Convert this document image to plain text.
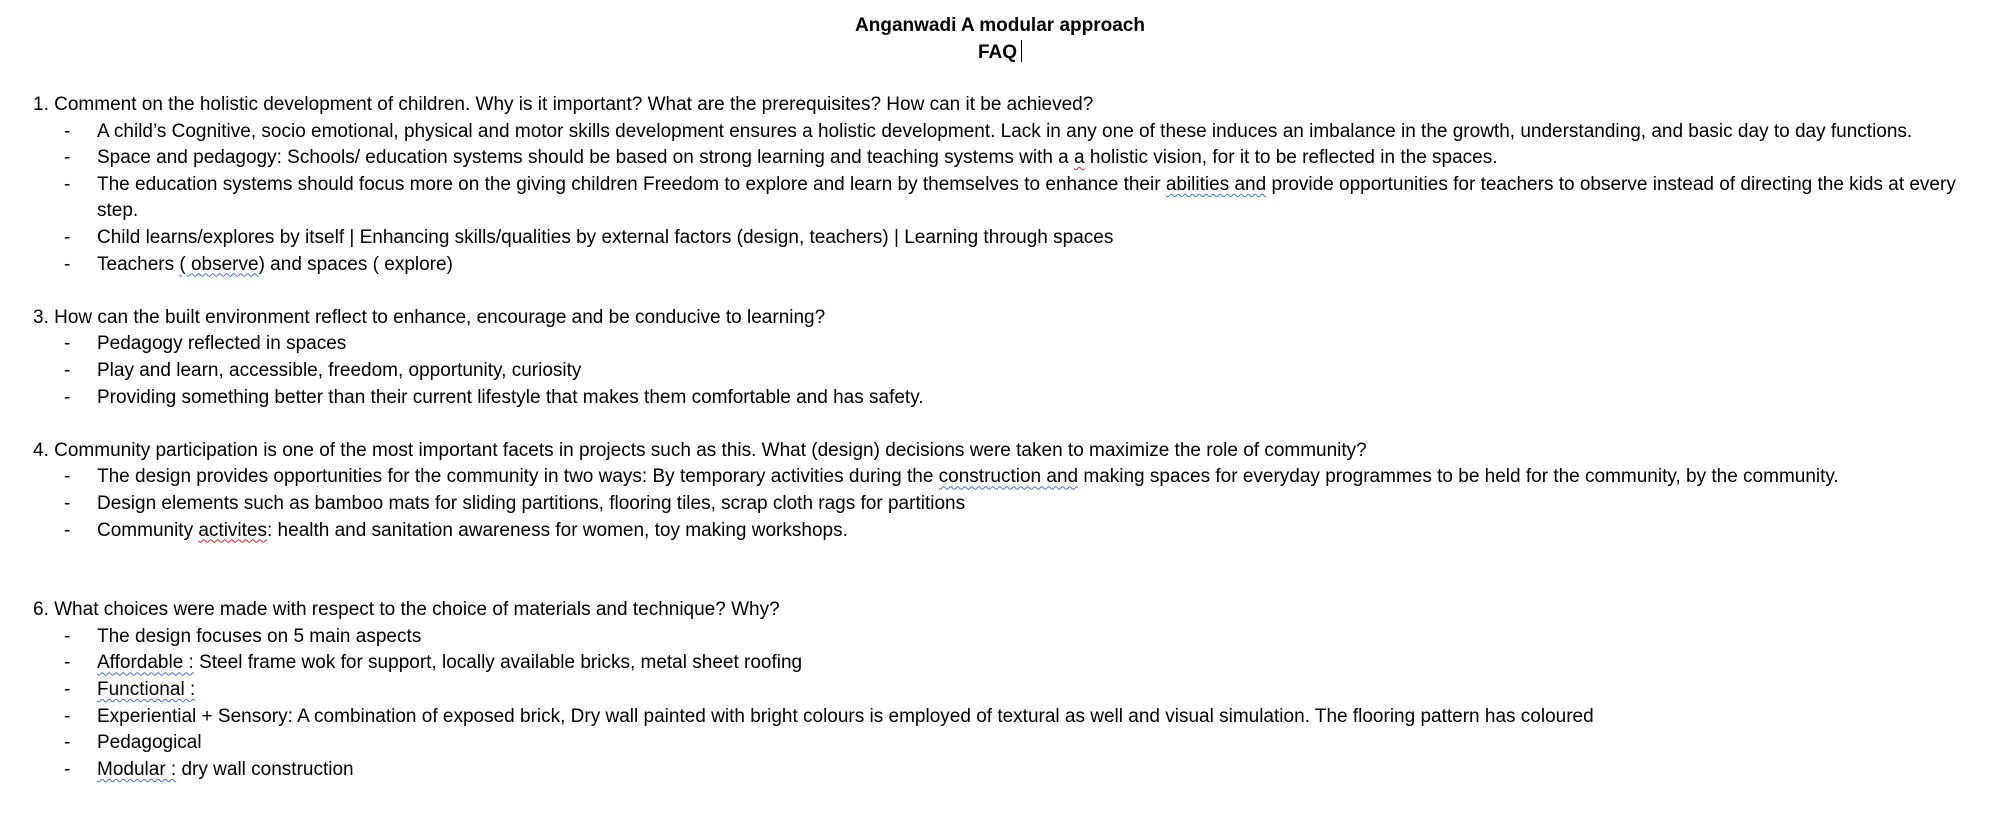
Anganwadi A modular approach
FAQ

1. Comment on the holistic development of children. Why is it important? What are the prerequisites? How can it be achieved?

- A child’s Cognitive, socio emotional, physical and motor skills development ensures a holistic development. Lack in any one of these induces an imbalance in the growth, understanding, and basic day to day functions.
- Space and pedagogy: Schools/ education systems should be based on strong learning and teaching systems with a a holistic vision, for it to be reflected in the spaces.
- The education systems should focus more on the giving children Freedom to explore and learn by themselves to enhance their abilities and provide opportunities for teachers to observe instead of directing the kids at every step.
- Child learns/explores by itself | Enhancing skills/qualities by external factors (design, teachers) | Learning through spaces
- Teachers ( observe) and spaces ( explore)

3. How can the built environment reflect to enhance, encourage and be conducive to learning?

- Pedagogy reflected in spaces
- Play and learn, accessible, freedom, opportunity, curiosity
- Providing something better than their current lifestyle that makes them comfortable and has safety.

4. Community participation is one of the most important facets in projects such as this. What (design) decisions were taken to maximize the role of community?

- The design provides opportunities for the community in two ways: By temporary activities during the construction and making spaces for everyday programmes to be held for the community, by the community.
- Design elements such as bamboo mats for sliding partitions, flooring tiles, scrap cloth rags for partitions
- Community activites: health and sanitation awareness for women, toy making workshops.

6. What choices were made with respect to the choice of materials and technique? Why?

- The design focuses on 5 main aspects
- Affordable : Steel frame wok for support, locally available bricks, metal sheet roofing
- Functional :
- Experiential + Sensory: A combination of exposed brick, Dry wall painted with bright colours is employed of textural as well and visual simulation. The flooring pattern has coloured
- Pedagogical
- Modular : dry wall construction
